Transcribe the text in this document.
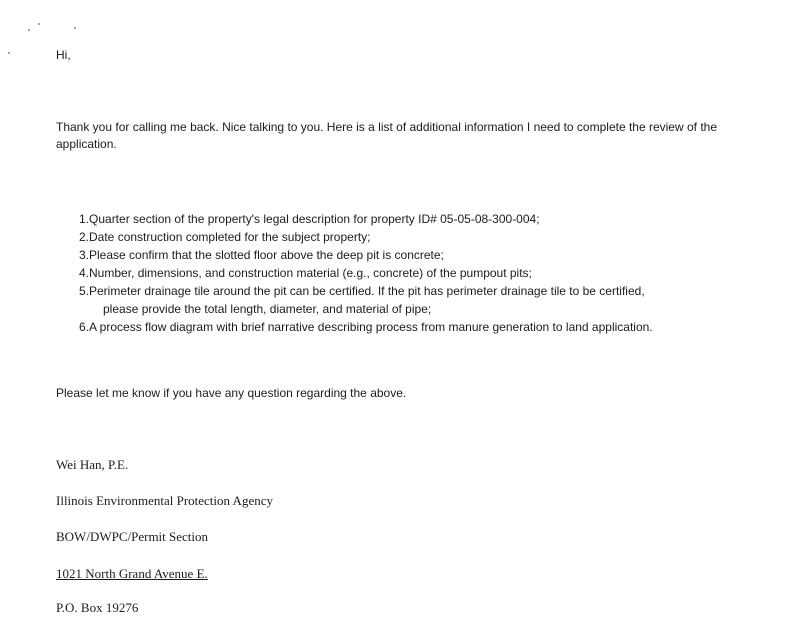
Hi,
Thank you for calling me back. Nice talking to you. Here is a list of additional information I need to complete the review of the application.
1.Quarter section of the property's legal description for property ID# 05-05-08-300-004;
2.Date construction completed for the subject property;
3.Please confirm that the slotted floor above the deep pit is concrete;
4.Number, dimensions, and construction material (e.g., concrete) of the pumpout pits;
5.Perimeter drainage tile around the pit can be certified. If the pit has perimeter drainage tile to be certified,
please provide the total length, diameter, and material of pipe;
6.A process flow diagram with brief narrative describing process from manure generation to land application.
Please let me know if you have any question regarding the above.
Wei Han, P.E.
Illinois Environmental Protection Agency
BOW/DWPC/Permit Section
1021 North Grand Avenue E.
P.O. Box 19276
